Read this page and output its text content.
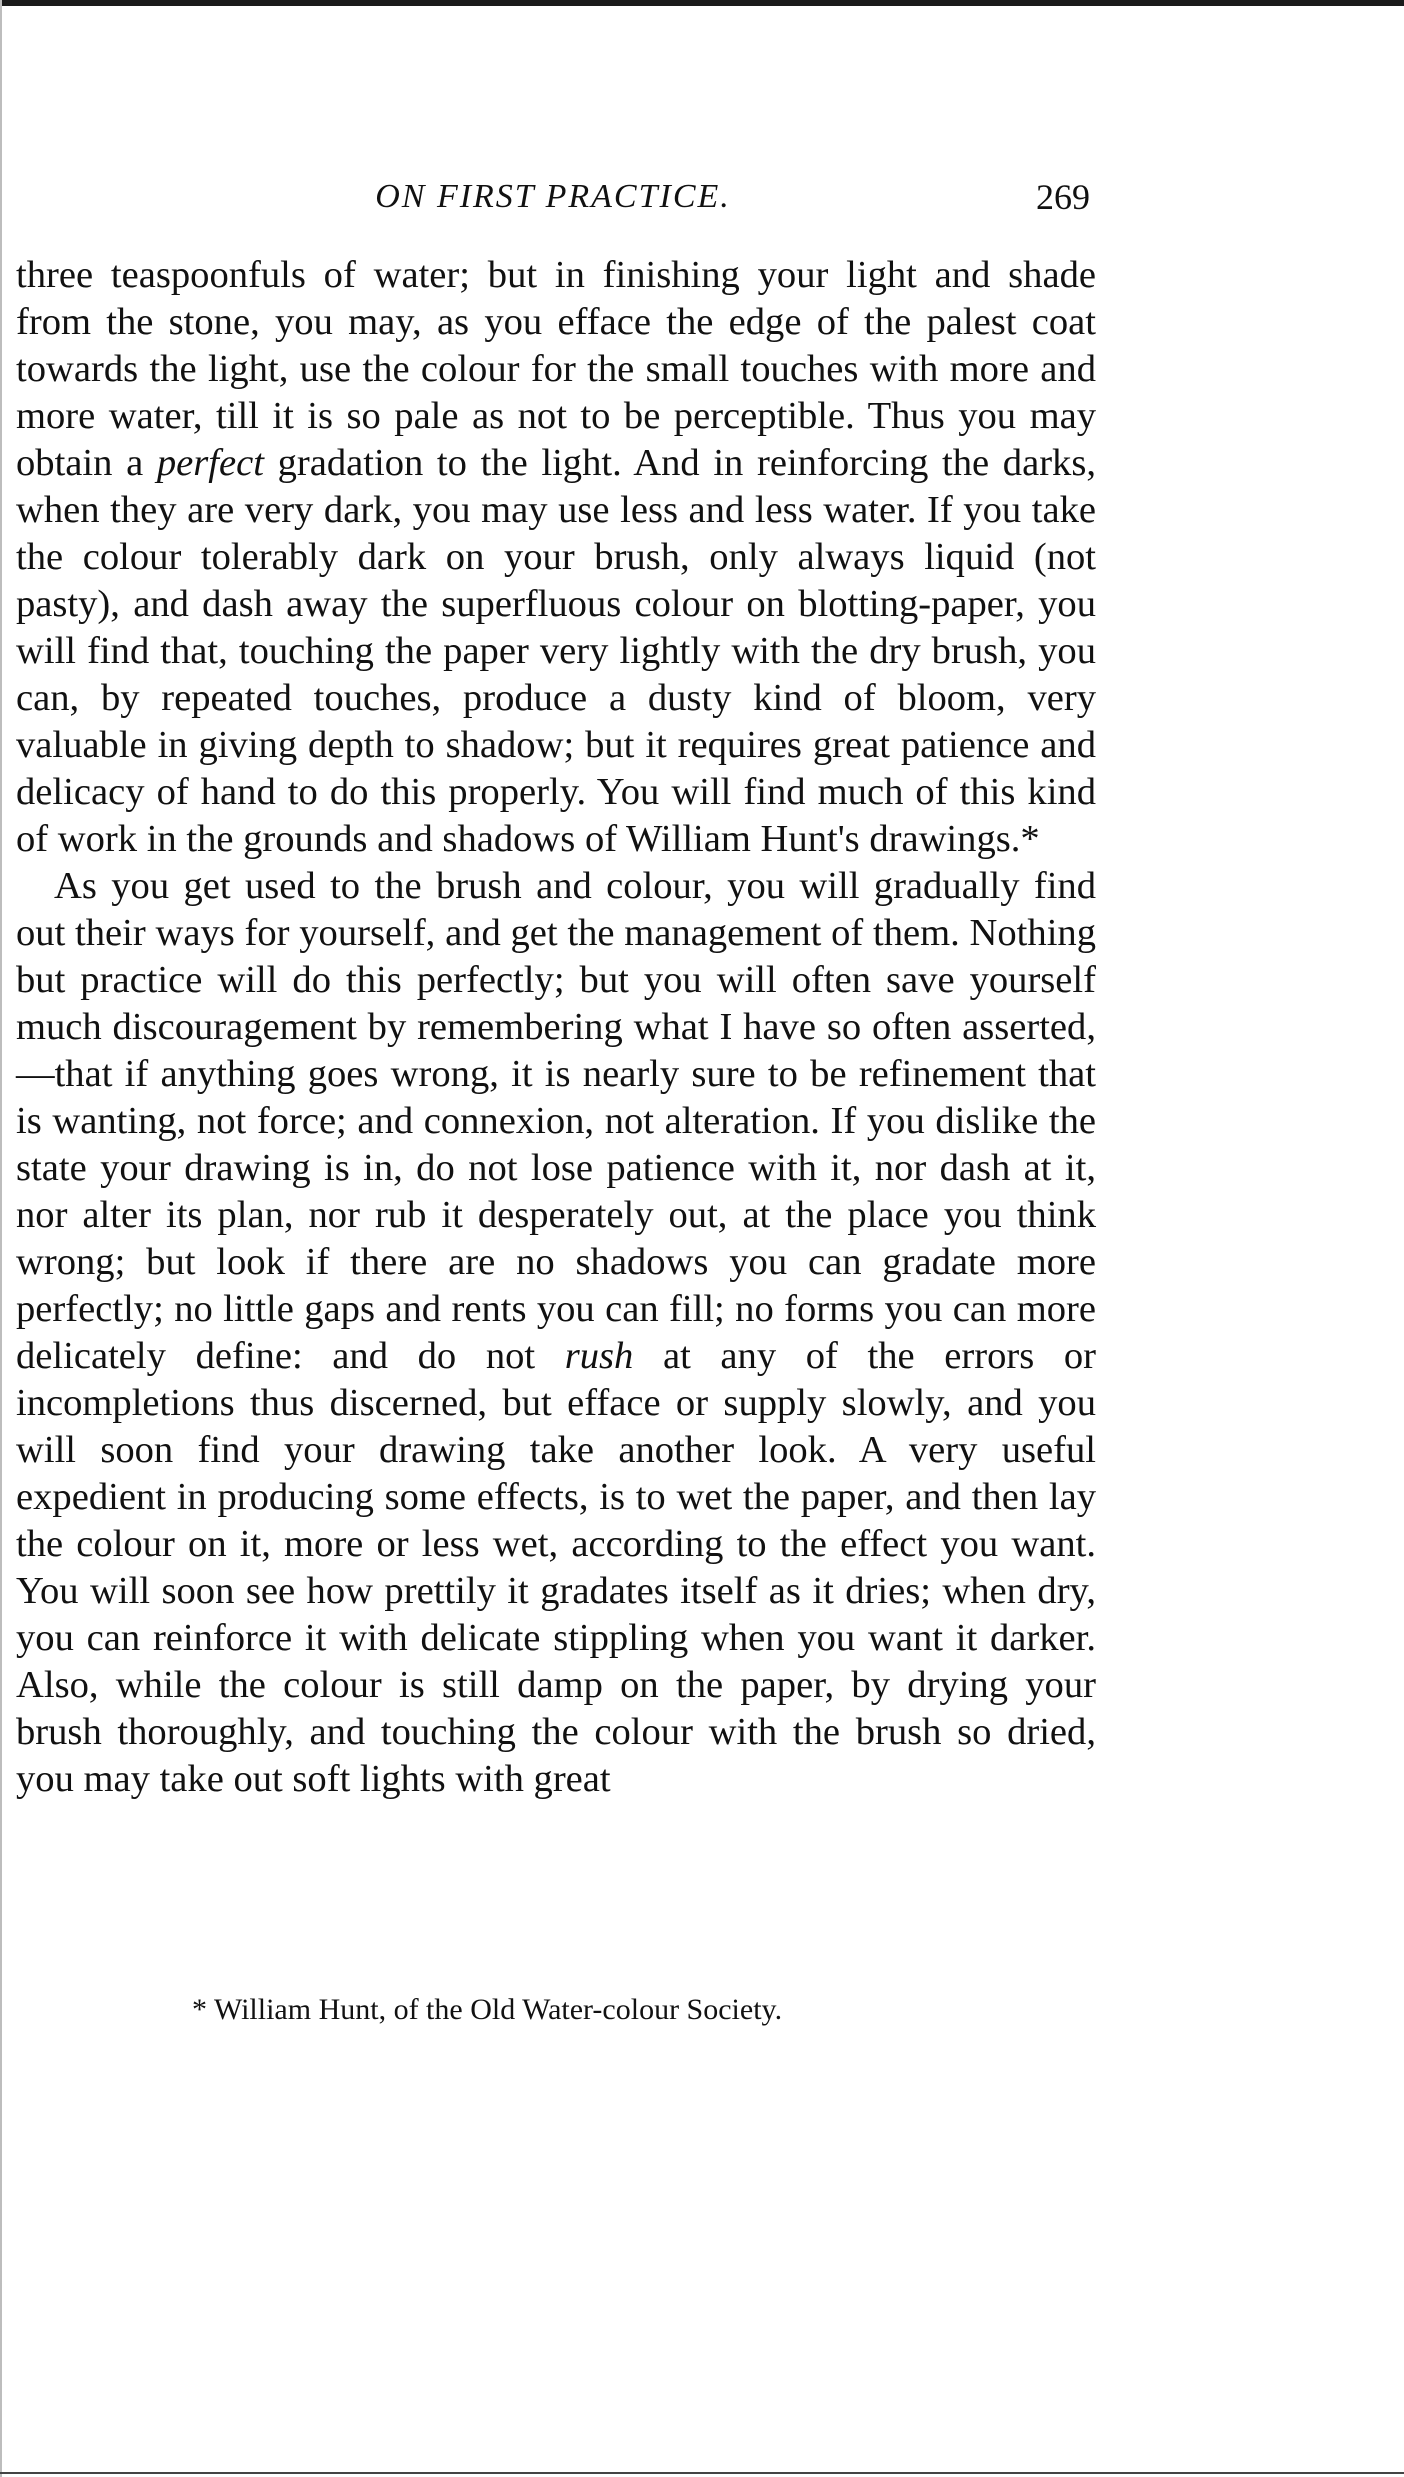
ON FIRST PRACTICE.	269

three teaspoonfuls of water; but in finishing your light and shade from the stone, you may, as you efface the edge of the palest coat towards the light, use the colour for the small touches with more and more water, till it is so pale as not to be perceptible. Thus you may obtain a perfect gradation to the light. And in reinforcing the darks, when they are very dark, you may use less and less water. If you take the colour tolerably dark on your brush, only always liquid (not pasty), and dash away the superfluous colour on blotting-paper, you will find that, touching the paper very lightly with the dry brush, you can, by repeated touches, produce a dusty kind of bloom, very valuable in giving depth to shadow; but it requires great patience and delicacy of hand to do this properly. You will find much of this kind of work in the grounds and shadows of William Hunt's drawings.*

As you get used to the brush and colour, you will gradually find out their ways for yourself, and get the management of them. Nothing but practice will do this perfectly; but you will often save yourself much discouragement by remembering what I have so often asserted,—that if anything goes wrong, it is nearly sure to be refinement that is wanting, not force; and connexion, not alteration. If you dislike the state your drawing is in, do not lose patience with it, nor dash at it, nor alter its plan, nor rub it desperately out, at the place you think wrong; but look if there are no shadows you can gradate more perfectly; no little gaps and rents you can fill; no forms you can more delicately define: and do not rush at any of the errors or incompletions thus discerned, but efface or supply slowly, and you will soon find your drawing take another look. A very useful expedient in producing some effects, is to wet the paper, and then lay the colour on it, more or less wet, according to the effect you want. You will soon see how prettily it gradates itself as it dries; when dry, you can reinforce it with delicate stippling when you want it darker. Also, while the colour is still damp on the paper, by drying your brush thoroughly, and touching the colour with the brush so dried, you may take out soft lights with great

* William Hunt, of the Old Water-colour Society.
